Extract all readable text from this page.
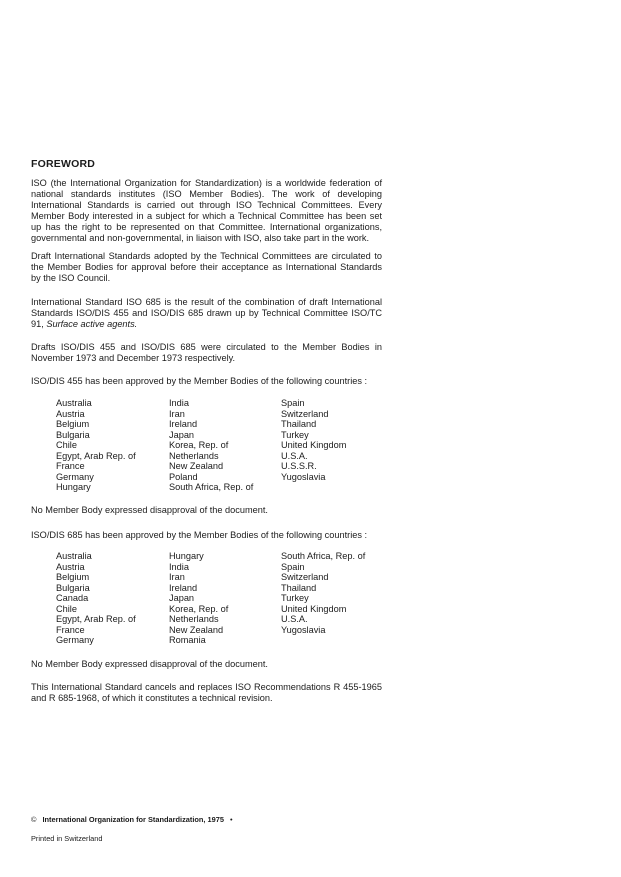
FOREWORD

ISO (the International Organization for Standardization) is a worldwide federation of national standards institutes (ISO Member Bodies). The work of developing International Standards is carried out through ISO Technical Committees. Every Member Body interested in a subject for which a Technical Committee has been set up has the right to be represented on that Committee. International organizations, governmental and non-governmental, in liaison with ISO, also take part in the work.

Draft International Standards adopted by the Technical Committees are circulated to the Member Bodies for approval before their acceptance as International Standards by the ISO Council.

International Standard ISO 685 is the result of the combination of draft International Standards ISO/DIS 455 and ISO/DIS 685 drawn up by Technical Committee ISO/TC 91, Surface active agents.

Drafts ISO/DIS 455 and ISO/DIS 685 were circulated to the Member Bodies in November 1973 and December 1973 respectively.

ISO/DIS 455 has been approved by the Member Bodies of the following countries :

Australia
Austria
Belgium
Bulgaria
Chile
Egypt, Arab Rep. of
France
Germany
Hungary
India
Iran
Ireland
Japan
Korea, Rep. of
Netherlands
New Zealand
Poland
South Africa, Rep. of
Spain
Switzerland
Thailand
Turkey
United Kingdom
U.S.A.
U.S.S.R.
Yugoslavia

No Member Body expressed disapproval of the document.

ISO/DIS 685 has been approved by the Member Bodies of the following countries :

Australia
Austria
Belgium
Bulgaria
Canada
Chile
Egypt, Arab Rep. of
France
Germany
Hungary
India
Iran
Ireland
Japan
Korea, Rep. of
Netherlands
New Zealand
Romania
South Africa, Rep. of
Spain
Switzerland
Thailand
Turkey
United Kingdom
U.S.A.
Yugoslavia

No Member Body expressed disapproval of the document.

This International Standard cancels and replaces ISO Recommendations R 455-1965 and R 685-1968, of which it constitutes a technical revision.

© International Organization for Standardization, 1975 •
Printed in Switzerland
